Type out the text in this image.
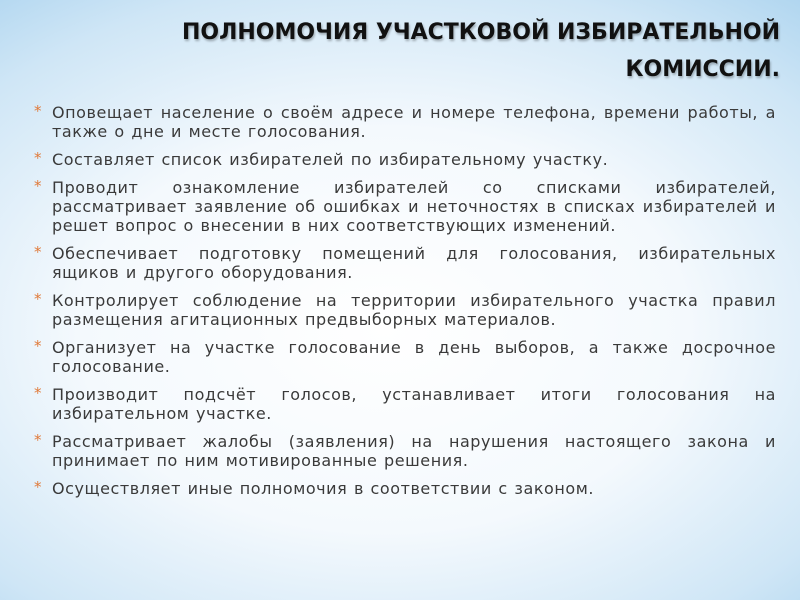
ПОЛНОМОЧИЯ УЧАСТКОВОЙ ИЗБИРАТЕЛЬНОЙ
КОМИССИИ.
* Оповещает население о своём адресе и номере телефона, времени работы, а также о дне и месте голосования.
* Составляет список избирателей по избирательному участку.
* Проводит ознакомление избирателей со списками избирателей, рассматривает заявление об ошибках и неточностях в списках избирателей и решет вопрос о внесении в них соответствующих изменений.
* Обеспечивает подготовку помещений для голосования, избирательных ящиков и другого оборудования.
* Контролирует соблюдение на территории избирательного участка правил размещения агитационных предвыборных материалов.
* Организует на участке голосование в день выборов, а также досрочное голосование.
* Производит подсчёт голосов, устанавливает итоги голосования на избирательном участке.
* Рассматривает жалобы (заявления) на нарушения настоящего закона и принимает по ним мотивированные решения.
* Осуществляет иные полномочия в соответствии с законом.
